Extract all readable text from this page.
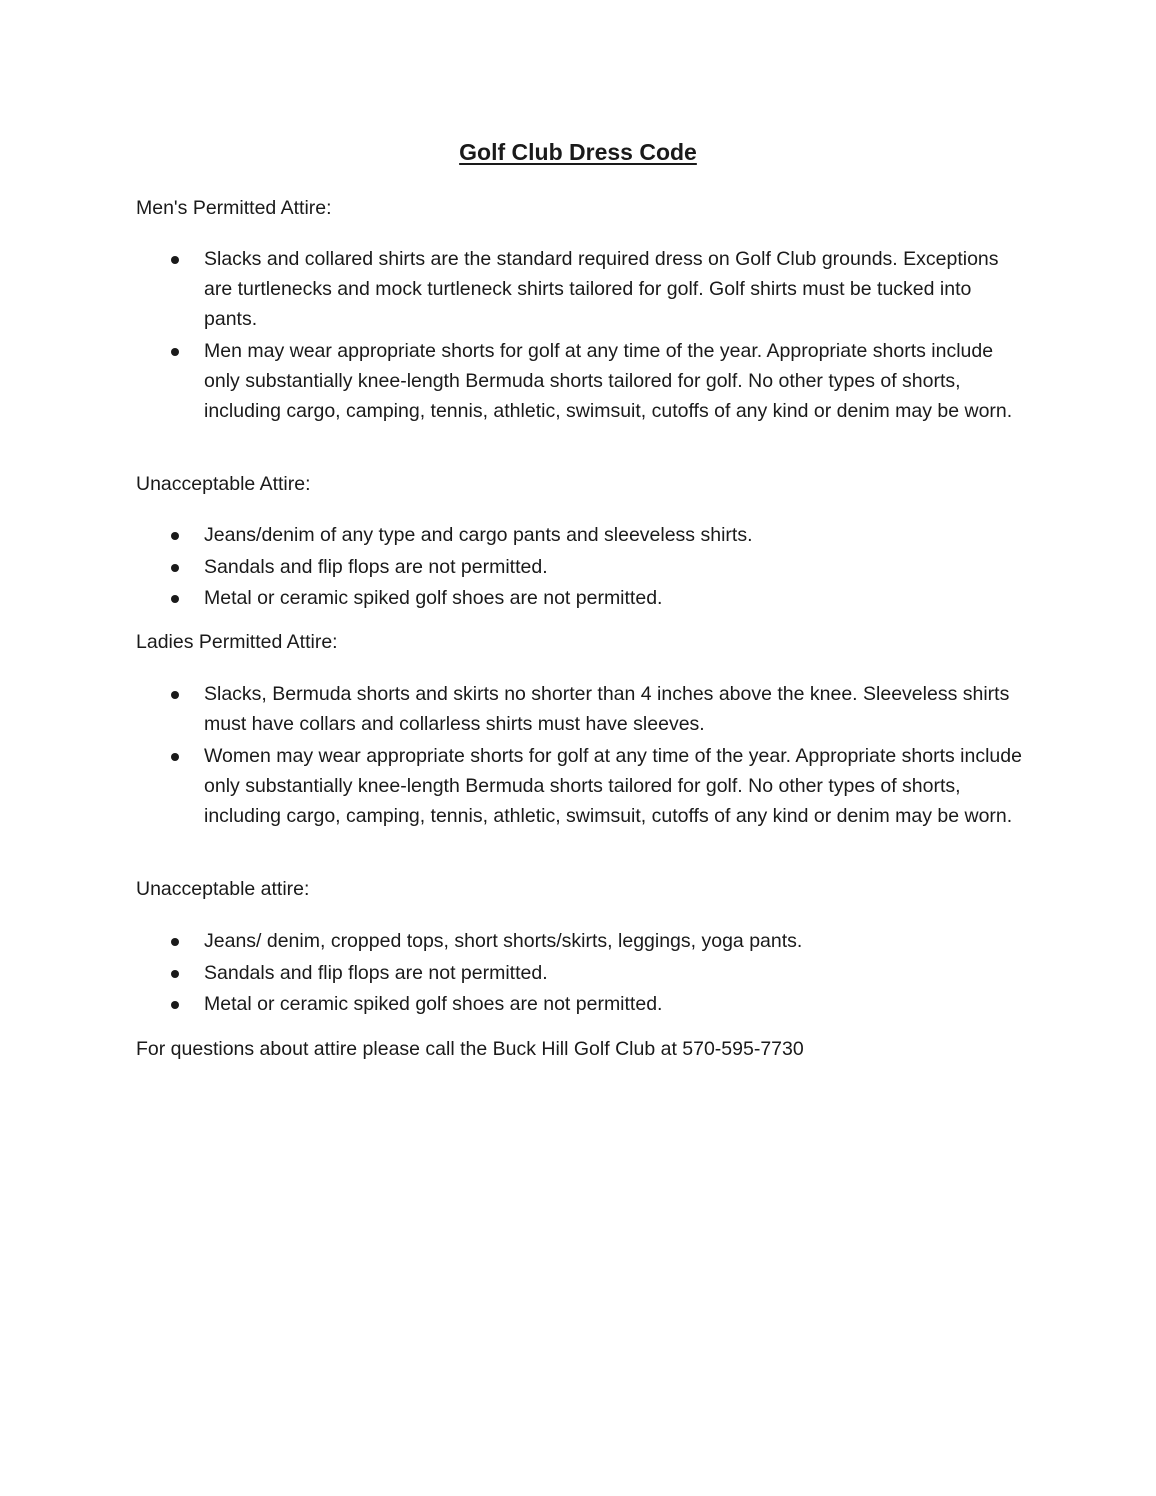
Golf Club Dress Code
Men's Permitted Attire:
Slacks and collared shirts are the standard required dress on Golf Club grounds. Exceptions are turtlenecks and mock turtleneck shirts tailored for golf. Golf shirts must be tucked into pants.
Men may wear appropriate shorts for golf at any time of the year. Appropriate shorts include only substantially knee-length Bermuda shorts tailored for golf. No other types of shorts, including cargo, camping, tennis, athletic, swimsuit, cutoffs of any kind or denim may be worn.
Unacceptable Attire:
Jeans/denim of any type and cargo pants and sleeveless shirts.
Sandals and flip flops are not permitted.
Metal or ceramic spiked golf shoes are not permitted.
Ladies Permitted Attire:
Slacks, Bermuda shorts and skirts no shorter than 4 inches above the knee. Sleeveless shirts must have collars and collarless shirts must have sleeves.
Women may wear appropriate shorts for golf at any time of the year. Appropriate shorts include only substantially knee-length Bermuda shorts tailored for golf. No other types of shorts, including cargo, camping, tennis, athletic, swimsuit, cutoffs of any kind or denim may be worn.
Unacceptable attire:
Jeans/ denim, cropped tops, short shorts/skirts, leggings, yoga pants.
Sandals and flip flops are not permitted.
Metal or ceramic spiked golf shoes are not permitted.
For questions about attire please call the Buck Hill Golf Club at 570-595-7730
